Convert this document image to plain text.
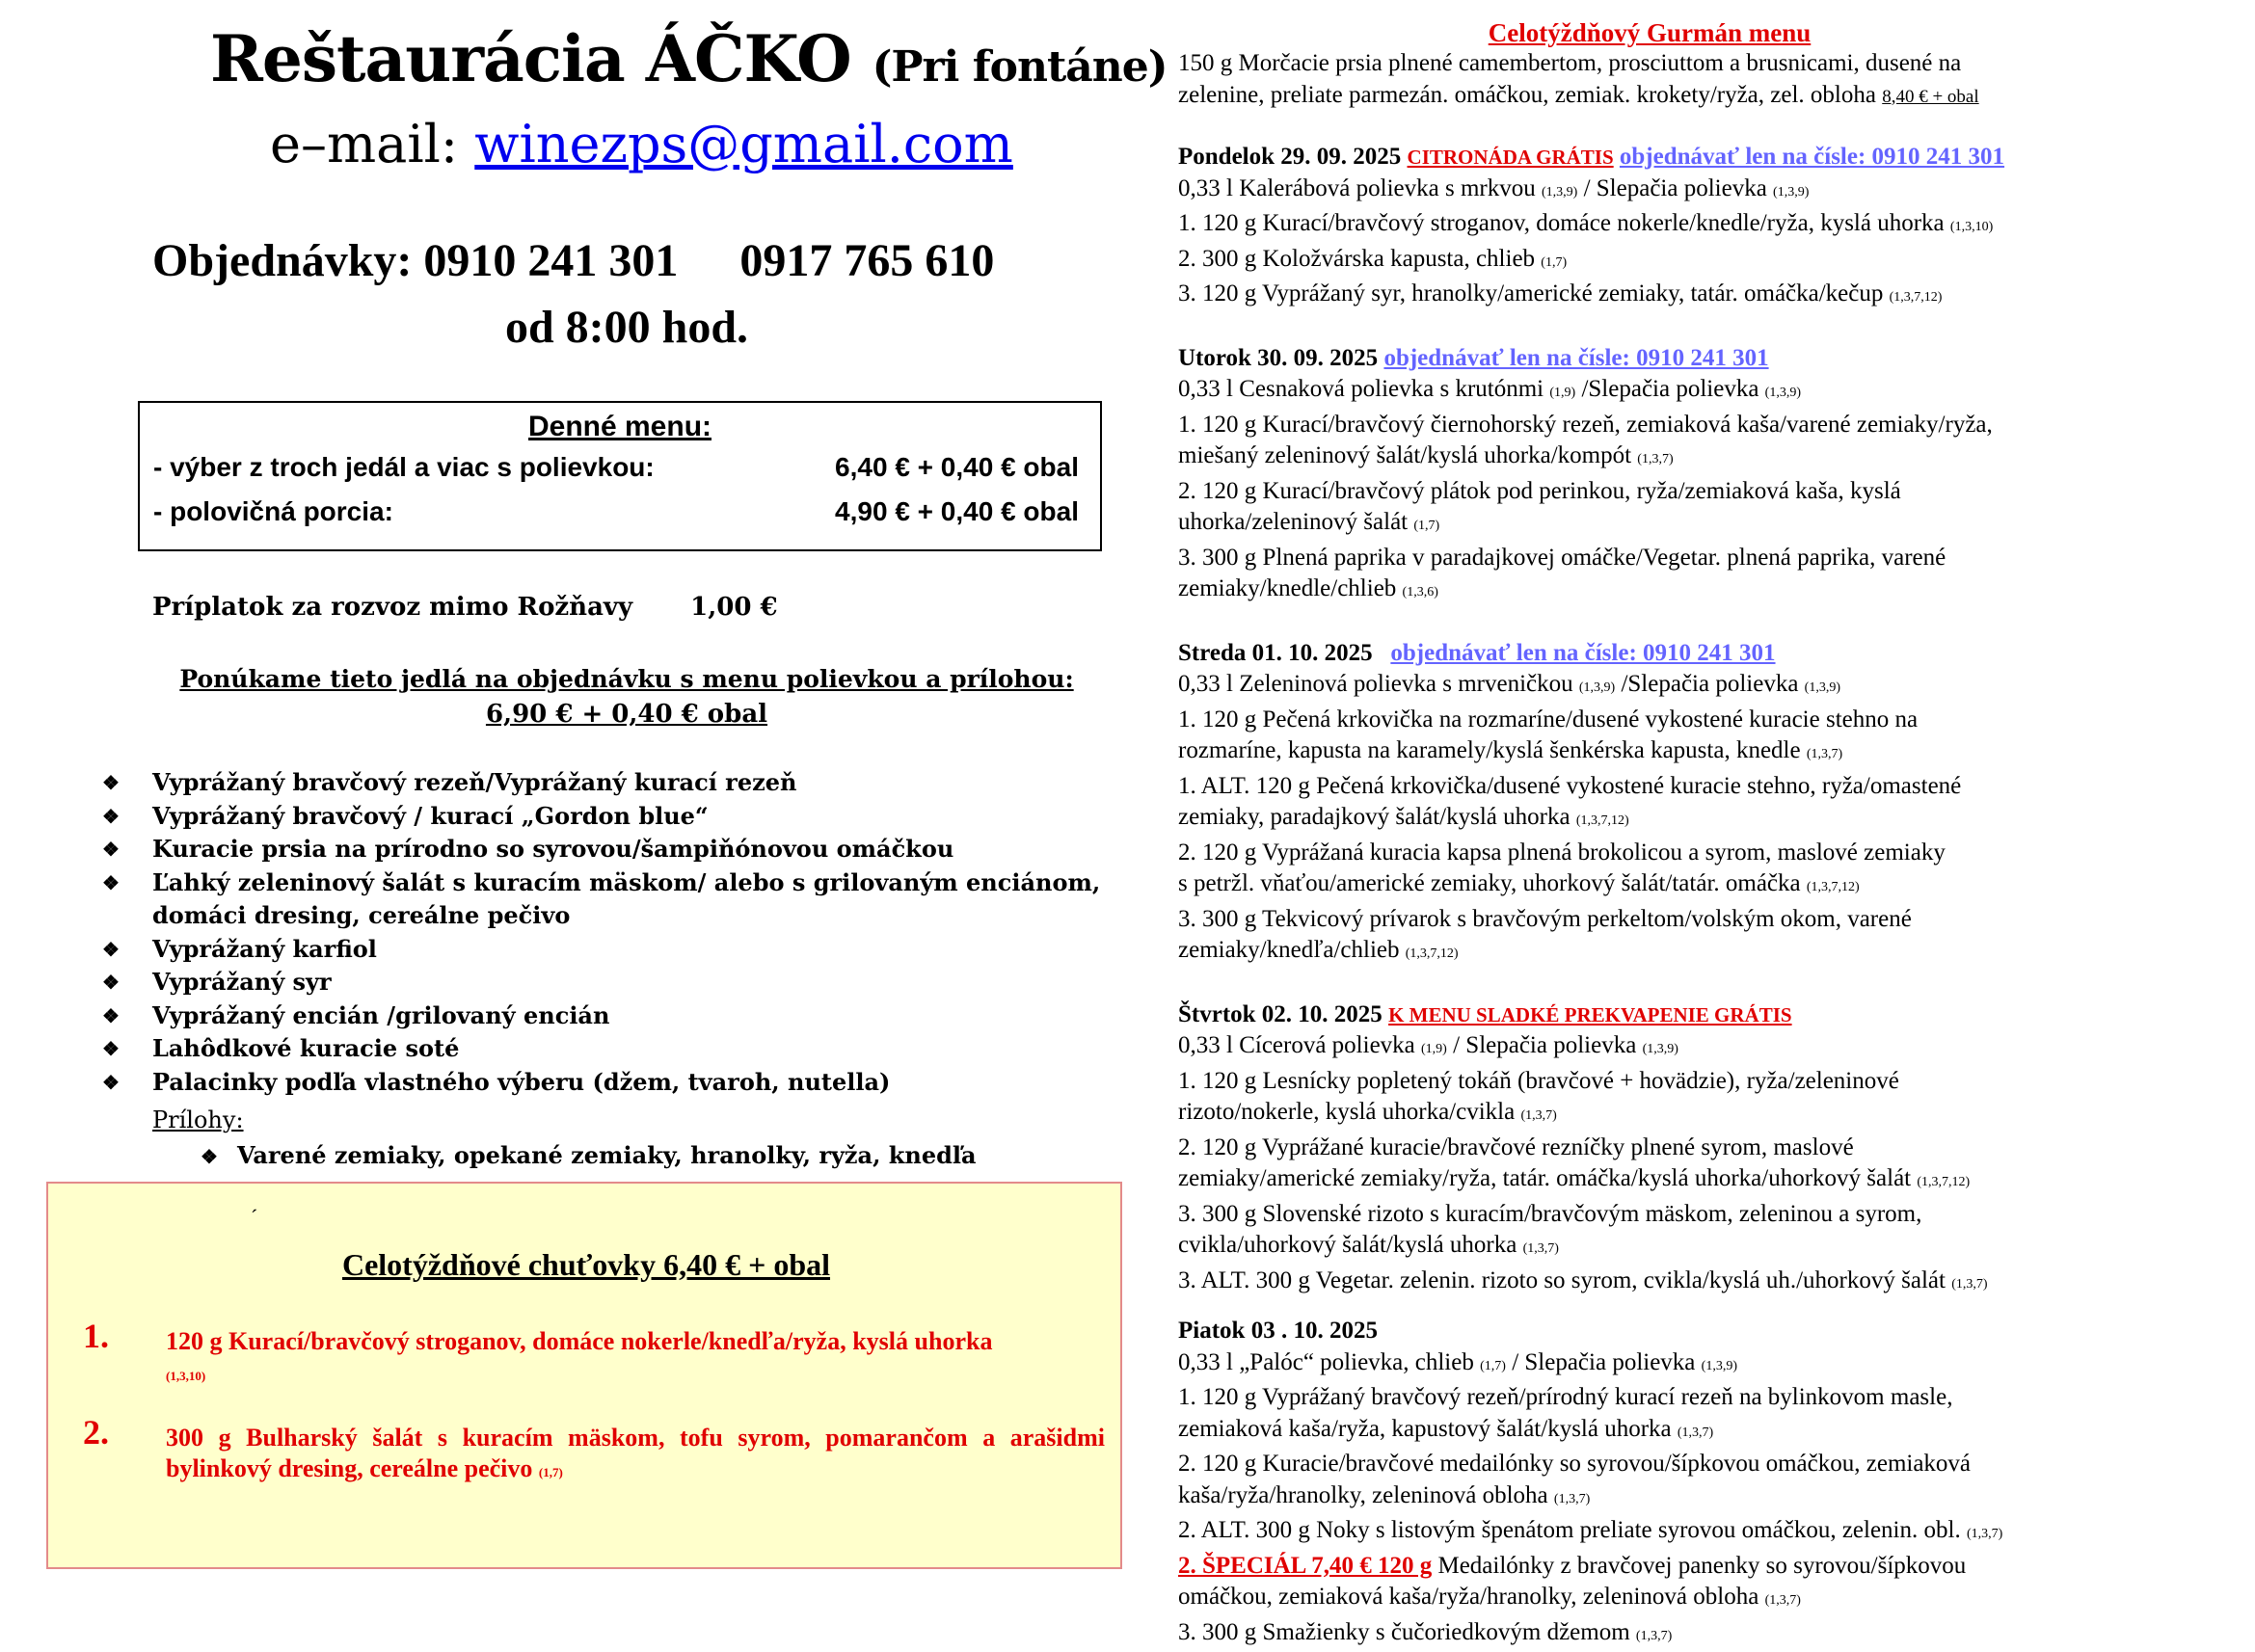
Reštaurácia ÁČKO (Pri fontáne)
e–mail: winezps@gmail.com
Objednávky: 0910 241 301 0917 765 610
od 8:00 hod.
Denné menu:
- výber z troch jedál a viac s polievkou:	6,40 € + 0,40 € obal
- polovičná porcia:	4,90 € + 0,40 € obal
Príplatok za rozvoz mimo Rožňavy 1,00 €
Ponúkame tieto jedlá na objednávku s menu polievkou a prílohou:
6,90 € + 0,40 € obal
❖ Vyprážaný bravčový rezeň/Vyprážaný kurací rezeň
❖ Vyprážaný bravčový / kurací „Gordon blue“
❖ Kuracie prsia na prírodno so syrovou/šampiňónovou omáčkou
❖ Ľahký zeleninový šalát s kuracím mäskom/ alebo s grilovaným enciánom, domáci dresing, cereálne pečivo
❖ Vyprážaný karfiol
❖ Vyprážaný syr
❖ Vyprážaný encián /grilovaný encián
❖ Lahôdkové kuracie soté
❖ Palacinky podľa vlastného výberu (džem, tvaroh, nutella)
Prílohy:
❖ Varené zemiaky, opekané zemiaky, hranolky, ryža, knedľa
´
Celotýždňové chuťovky 6,40 € + obal
1. 120 g Kurací/bravčový stroganov, domáce nokerle/knedľa/ryža, kyslá uhorka
(1,3,10)
2. 300 g Bulharský šalát s kuracím mäskom, tofu syrom, pomarančom a arašidmi bylinkový dresing, cereálne pečivo (1,7)
Celotýždňový Gurmán menu
150 g Morčacie prsia plnené camembertom, prosciuttom a brusnicami, dusené na
zelenine, preliate parmezán. omáčkou, zemiak. krokety/ryža, zel. obloha 8,40 € + obal
Pondelok 29. 09. 2025 CITRONÁDA GRÁTIS objednávať len na čísle: 0910 241 301
0,33 l Kalerábová polievka s mrkvou (1,3,9) / Slepačia polievka (1,3,9)
1. 120 g Kurací/bravčový stroganov, domáce nokerle/knedle/ryža, kyslá uhorka (1,3,10)
2. 300 g Koložvárska kapusta, chlieb (1,7)
3. 120 g Vyprážaný syr, hranolky/americké zemiaky, tatár. omáčka/kečup (1,3,7,12)
Utorok 30. 09. 2025 objednávať len na čísle: 0910 241 301
0,33 l Cesnaková polievka s krutónmi (1,9) /Slepačia polievka (1,3,9)
1. 120 g Kurací/bravčový čiernohorský rezeň, zemiaková kaša/varené zemiaky/ryža,
miešaný zeleninový šalát/kyslá uhorka/kompót (1,3,7)
2. 120 g Kurací/bravčový plátok pod perinkou, ryža/zemiaková kaša, kyslá
uhorka/zeleninový šalát (1,7)
3. 300 g Plnená paprika v paradajkovej omáčke/Vegetar. plnená paprika, varené
zemiaky/knedle/chlieb (1,3,6)
Streda 01. 10. 2025 objednávať len na čísle: 0910 241 301
0,33 l Zeleninová polievka s mrveničkou (1,3,9) /Slepačia polievka (1,3,9)
1. 120 g Pečená krkovička na rozmaríne/dusené vykostené kuracie stehno na
rozmaríne, kapusta na karamely/kyslá šenkérska kapusta, knedle (1,3,7)
1. ALT. 120 g Pečená krkovička/dusené vykostené kuracie stehno, ryža/omastené
zemiaky, paradajkový šalát/kyslá uhorka (1,3,7,12)
2. 120 g Vyprážaná kuracia kapsa plnená brokolicou a syrom, maslové zemiaky
s petržl. vňaťou/americké zemiaky, uhorkový šalát/tatár. omáčka (1,3,7,12)
3. 300 g Tekvicový prívarok s bravčovým perkeltom/volským okom, varené
zemiaky/knedľa/chlieb (1,3,7,12)
Štvrtok 02. 10. 2025 K MENU SLADKÉ PREKVAPENIE GRÁTIS
0,33 l Cícerová polievka (1,9) / Slepačia polievka (1,3,9)
1. 120 g Lesnícky popletený tokáň (bravčové + hovädzie), ryža/zeleninové
rizoto/nokerle, kyslá uhorka/cvikla (1,3,7)
2. 120 g Vyprážané kuracie/bravčové rezníčky plnené syrom, maslové
zemiaky/americké zemiaky/ryža, tatár. omáčka/kyslá uhorka/uhorkový šalát (1,3,7,12)
3. 300 g Slovenské rizoto s kuracím/bravčovým mäskom, zeleninou a syrom,
cvikla/uhorkový šalát/kyslá uhorka (1,3,7)
3. ALT. 300 g Vegetar. zelenin. rizoto so syrom, cvikla/kyslá uh./uhorkový šalát (1,3,7)
Piatok 03 . 10. 2025
0,33 l „Palóc“ polievka, chlieb (1,7) / Slepačia polievka (1,3,9)
1. 120 g Vyprážaný bravčový rezeň/prírodný kurací rezeň na bylinkovom masle,
zemiaková kaša/ryža, kapustový šalát/kyslá uhorka (1,3,7)
2. 120 g Kuracie/bravčové medailónky so syrovou/šípkovou omáčkou, zemiaková
kaša/ryža/hranolky, zeleninová obloha (1,3,7)
2. ALT. 300 g Noky s listovým špenátom preliate syrovou omáčkou, zelenin. obl. (1,3,7)
2. ŠPECIÁL 7,40 € 120 g Medailónky z bravčovej panenky so syrovou/šípkovou
omáčkou, zemiaková kaša/ryža/hranolky, zeleninová obloha (1,3,7)
3. 300 g Smažienky s čučoriedkovým džemom (1,3,7)
